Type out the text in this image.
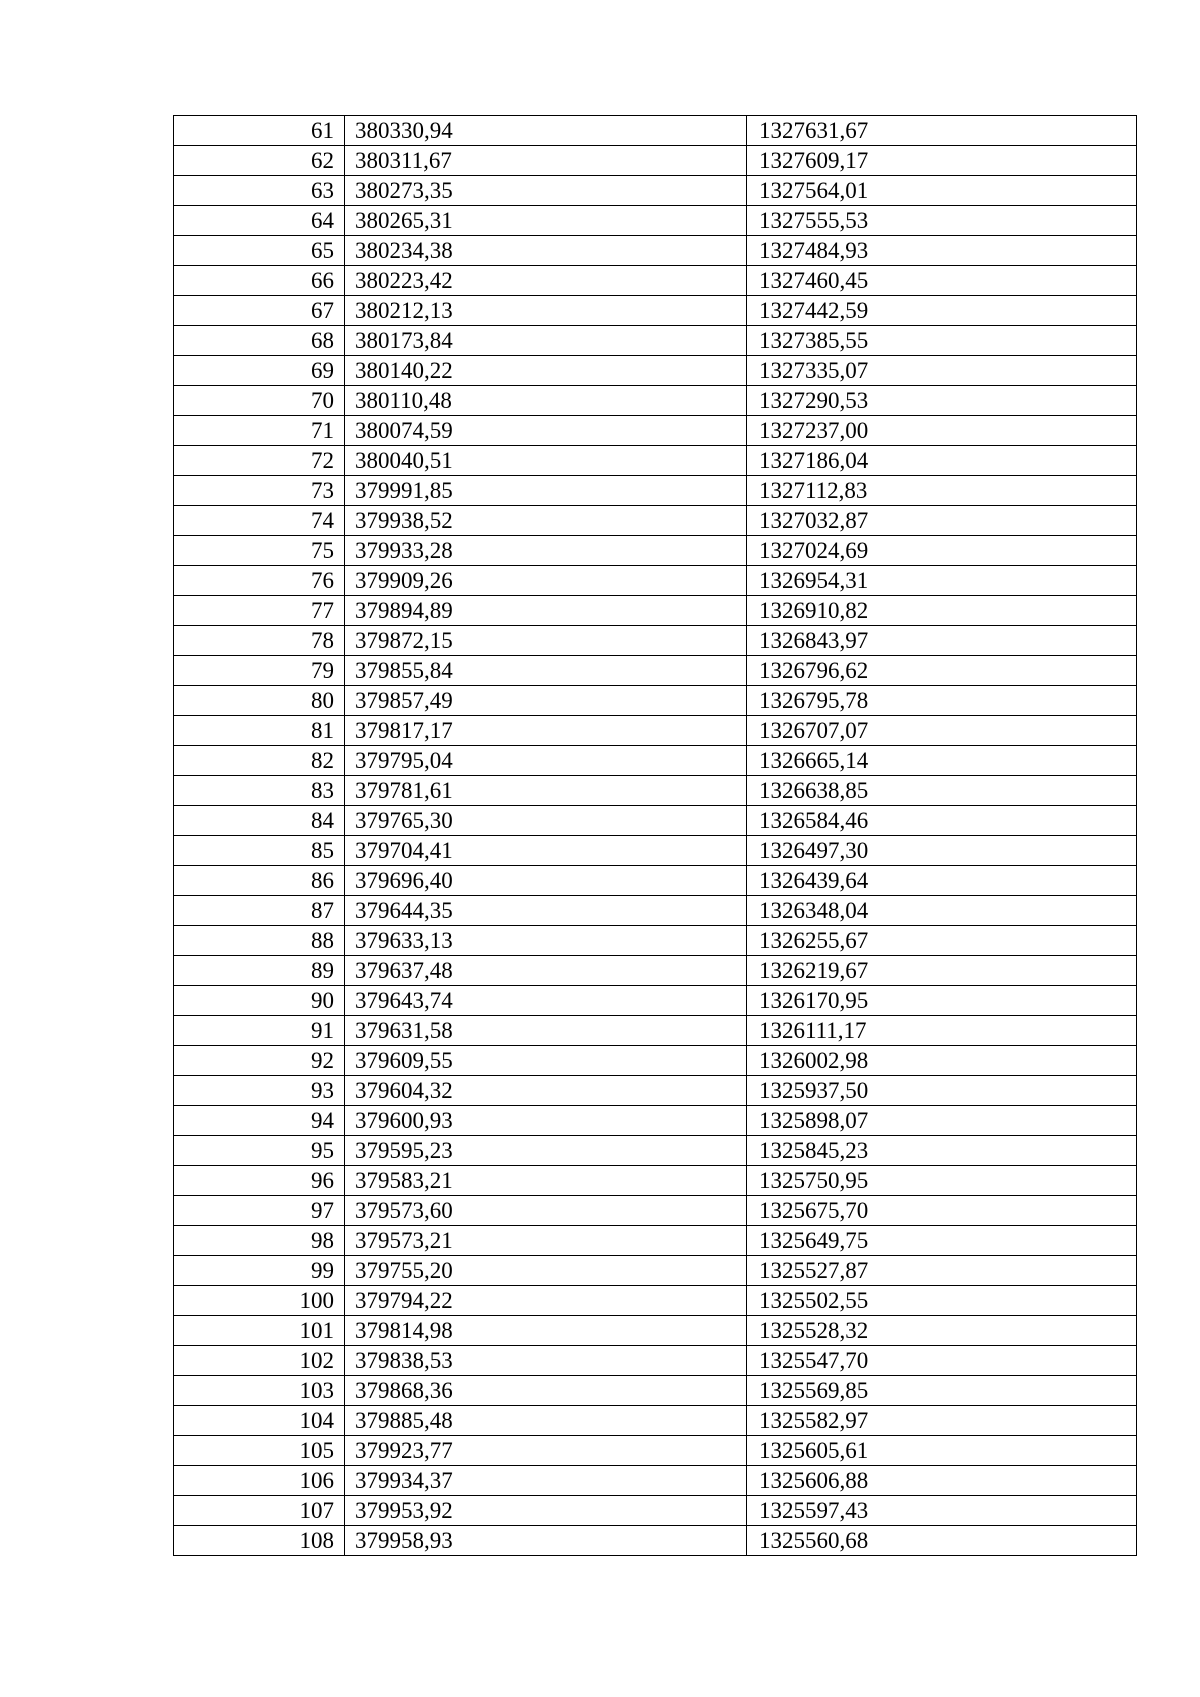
61	380330,94	1327631,67
62	380311,67	1327609,17
63	380273,35	1327564,01
64	380265,31	1327555,53
65	380234,38	1327484,93
66	380223,42	1327460,45
67	380212,13	1327442,59
68	380173,84	1327385,55
69	380140,22	1327335,07
70	380110,48	1327290,53
71	380074,59	1327237,00
72	380040,51	1327186,04
73	379991,85	1327112,83
74	379938,52	1327032,87
75	379933,28	1327024,69
76	379909,26	1326954,31
77	379894,89	1326910,82
78	379872,15	1326843,97
79	379855,84	1326796,62
80	379857,49	1326795,78
81	379817,17	1326707,07
82	379795,04	1326665,14
83	379781,61	1326638,85
84	379765,30	1326584,46
85	379704,41	1326497,30
86	379696,40	1326439,64
87	379644,35	1326348,04
88	379633,13	1326255,67
89	379637,48	1326219,67
90	379643,74	1326170,95
91	379631,58	1326111,17
92	379609,55	1326002,98
93	379604,32	1325937,50
94	379600,93	1325898,07
95	379595,23	1325845,23
96	379583,21	1325750,95
97	379573,60	1325675,70
98	379573,21	1325649,75
99	379755,20	1325527,87
100	379794,22	1325502,55
101	379814,98	1325528,32
102	379838,53	1325547,70
103	379868,36	1325569,85
104	379885,48	1325582,97
105	379923,77	1325605,61
106	379934,37	1325606,88
107	379953,92	1325597,43
108	379958,93	1325560,68
